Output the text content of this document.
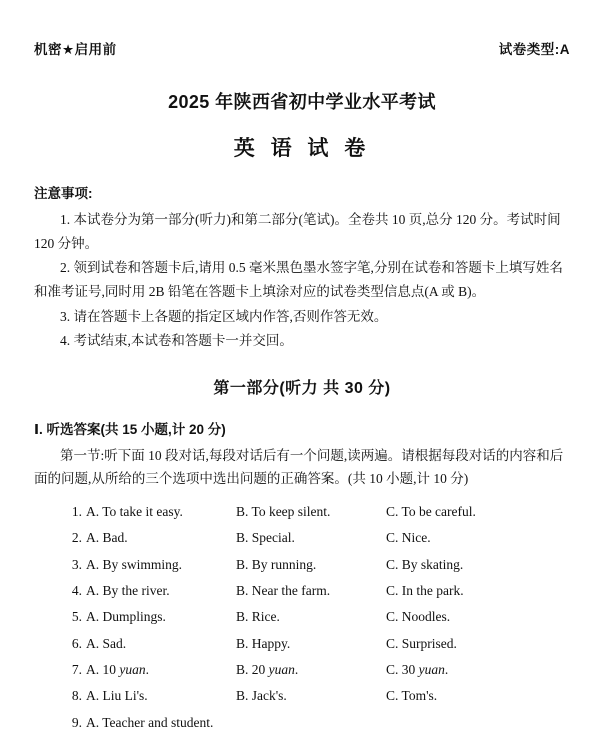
机密★启用前	试卷类型:A
2025 年陕西省初中学业水平考试
英 语 试 卷
注意事项:
1. 本试卷分为第一部分(听力)和第二部分(笔试)。全卷共 10 页,总分 120 分。考试时间 120 分钟。
2. 领到试卷和答题卡后,请用 0.5 毫米黑色墨水签字笔,分别在试卷和答题卡上填写姓名和准考证号,同时用 2B 铅笔在答题卡上填涂对应的试卷类型信息点(A 或 B)。
3. 请在答题卡上各题的指定区域内作答,否则作答无效。
4. 考试结束,本试卷和答题卡一并交回。
第一部分(听力 共 30 分)
Ⅰ. 听选答案(共 15 小题,计 20 分)
第一节:听下面 10 段对话,每段对话后有一个问题,读两遍。请根据每段对话的内容和后面的问题,从所给的三个选项中选出问题的正确答案。(共 10 小题,计 10 分)
1. A. To take it easy.	B. To keep silent.	C. To be careful.
2. A. Bad.	B. Special.	C. Nice.
3. A. By swimming.	B. By running.	C. By skating.
4. A. By the river.	B. Near the farm.	C. In the park.
5. A. Dumplings.	B. Rice.	C. Noodles.
6. A. Sad.	B. Happy.	C. Surprised.
7. A. 10 yuan.	B. 20 yuan.	C. 30 yuan.
8. A. Liu Li's.	B. Jack's.	C. Tom's.
9. A. Teacher and student.
